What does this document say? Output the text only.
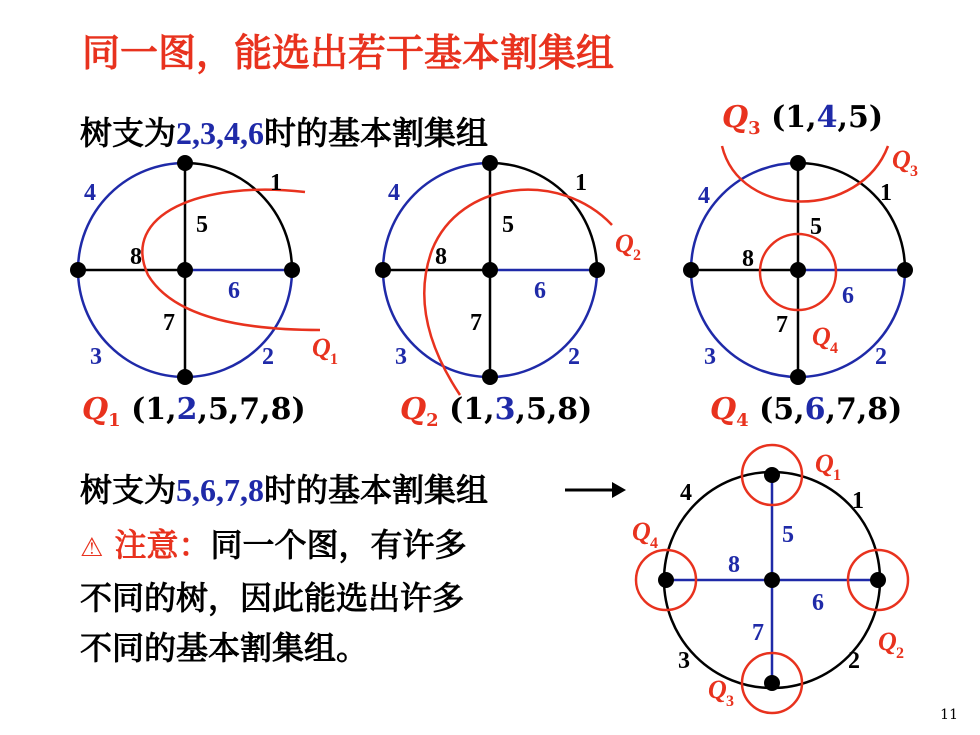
同一图，能选出若干基本割集组
树支为2,3,4,6时的基本割集组
树支为5,6,7,8时的基本割集组
$Q_1$ (1,2,5,7,8)	$Q_2$ (1,3,5,8)
$Q_3$ (1,4,5)
$Q_4$ (5,6,7,8)
⚠ 注意：同一个图，有许多
不同的树，因此能选出许多
不同的基本割集组。
11
4	1
5
8
6
7
3	2 Q 1
4	1
5
8
6
7
3	2
Q 2
4	1
5
8
6
7
3	2
Q 3
Q 4
4	1
5
8
6
7
3	2
Q 1
Q 4
Q 2
Q 3
